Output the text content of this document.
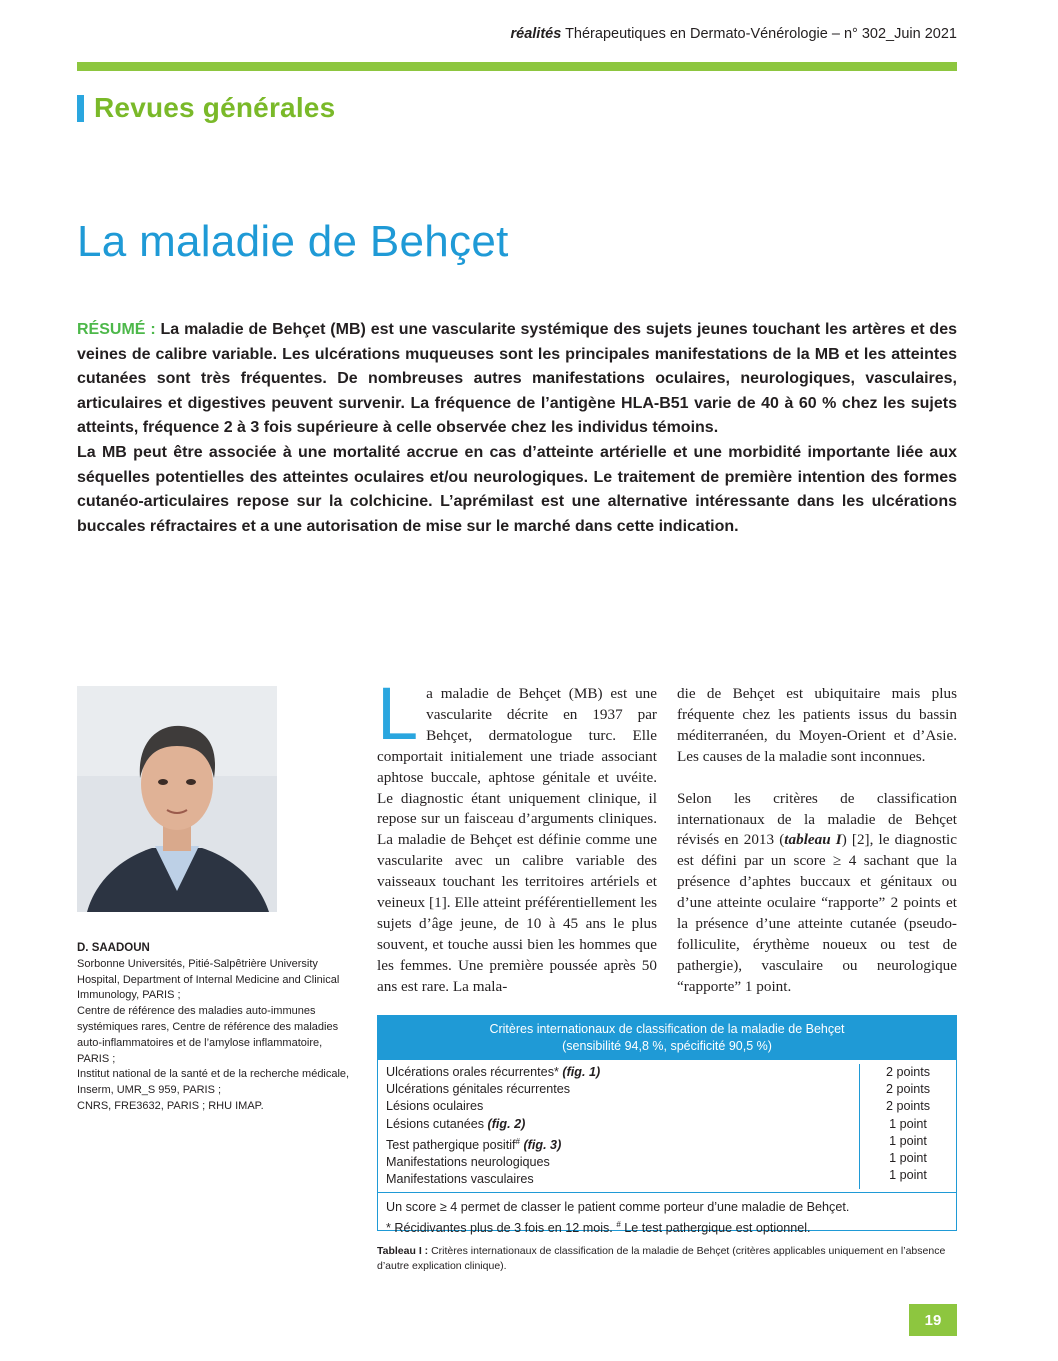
réalités Thérapeutiques en Dermato-Vénérologie – n° 302_Juin 2021
Revues générales
La maladie de Behçet

RÉSUMÉ : La maladie de Behçet (MB) est une vascularite systémique des sujets jeunes touchant les artères et des veines de calibre variable. Les ulcérations muqueuses sont les principales manifestations de la MB et les atteintes cutanées sont très fréquentes. De nombreuses autres manifestations oculaires, neurologiques, vasculaires, articulaires et digestives peuvent survenir. La fréquence de l’antigène HLA-B51 varie de 40 à 60 % chez les sujets atteints, fréquence 2 à 3 fois supérieure à celle observée chez les individus témoins.

La MB peut être associée à une mortalité accrue en cas d’atteinte artérielle et une morbidité importante liée aux séquelles potentielles des atteintes oculaires et/ou neurologiques. Le traitement de première intention des formes cutanéo-articulaires repose sur la colchicine. L’aprémilast est une alternative intéressante dans les ulcérations buccales réfractaires et a une autorisation de mise sur le marché dans cette indication.

D. SAADOUN
Sorbonne Universités, Pitié-Salpêtrière University Hospital, Department of Internal Medicine and Clinical Immunology, PARIS ;
Centre de référence des maladies auto-immunes systémiques rares, Centre de référence des maladies auto-inflammatoires et de l’amylose inflammatoire, PARIS ;
Institut national de la santé et de la recherche médicale, Inserm, UMR_S 959, PARIS ;
CNRS, FRE3632, PARIS ; RHU IMAP.

La maladie de Behçet (MB) est une vascularite décrite en 1937 par Behçet, dermatologue turc. Elle comportait initialement une triade associant aphtose buccale, aphtose génitale et uvéite. Le diagnostic étant uniquement clinique, il repose sur un faisceau d’arguments cliniques. La maladie de Behçet est définie comme une vascularite avec un calibre variable des vaisseaux touchant les territoires artériels et veineux [1]. Elle atteint préférentiellement les sujets d’âge jeune, de 10 à 45 ans le plus souvent, et touche aussi bien les hommes que les femmes. Une première poussée après 50 ans est rare. La mala-

die de Behçet est ubiquitaire mais plus fréquente chez les patients issus du bassin méditerranéen, du Moyen-Orient et d’Asie. Les causes de la maladie sont inconnues.

Selon les critères de classification internationaux de la maladie de Behçet révisés en 2013 (tableau I) [2], le diagnostic est défini par un score ≥ 4 sachant que la présence d’aphtes buccaux et génitaux ou d’une atteinte oculaire “rapporte” 2 points et la présence d’une atteinte cutanée (pseudo-folliculite, érythème noueux ou test de pathergie), vasculaire ou neurologique “rapporte” 1 point.

Critères internationaux de classification de la maladie de Behçet
(sensibilité 94,8 %, spécificité 90,5 %)
Ulcérations orales récurrentes* (fig. 1)
Ulcérations génitales récurrentes
Lésions oculaires
Lésions cutanées (fig. 2)
Test pathergique positif# (fig. 3)
Manifestations neurologiques
Manifestations vasculaires
2 points
2 points
2 points
1 point
1 point
1 point
1 point
Un score ≥ 4 permet de classer le patient comme porteur d’une maladie de Behçet.
* Récidivantes plus de 3 fois en 12 mois. # Le test pathergique est optionnel.
Tableau I : Critères internationaux de classification de la maladie de Behçet (critères applicables uniquement en l’absence d’autre explication clinique).
19
